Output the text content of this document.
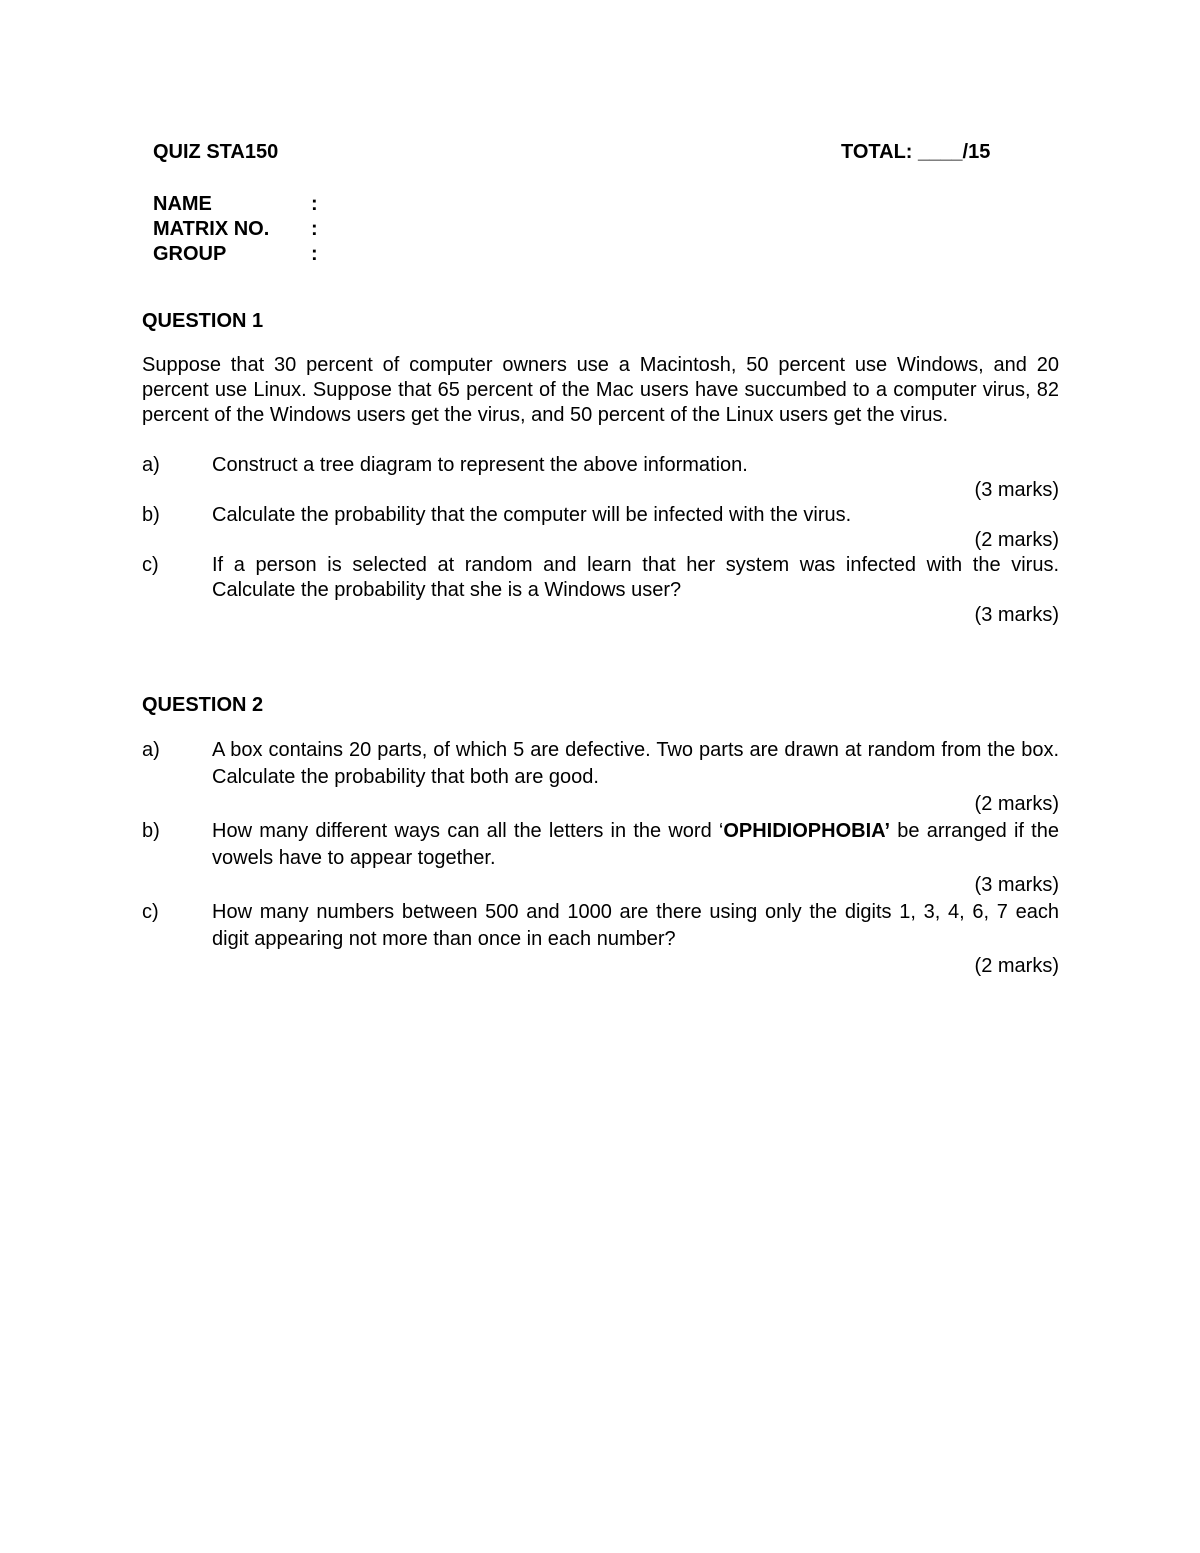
QUIZ STA150	TOTAL: ____/15
NAME	:
MATRIX NO. :
GROUP	:
QUESTION 1
Suppose that 30 percent of computer owners use a Macintosh, 50 percent use Windows, and 20 percent use Linux. Suppose that 65 percent of the Mac users have succumbed to a computer virus, 82 percent of the Windows users get the virus, and 50 percent of the Linux users get the virus.
a)	Construct a tree diagram to represent the above information.
(3 marks)
b)	Calculate the probability that the computer will be infected with the virus.
(2 marks)
c)	If a person is selected at random and learn that her system was infected with the virus. Calculate the probability that she is a Windows user?
(3 marks)
QUESTION 2
a)	A box contains 20 parts, of which 5 are defective. Two parts are drawn at random from the box. Calculate the probability that both are good.
(2 marks)
b)	How many different ways can all the letters in the word ‘OPHIDIOPHOBIA’ be arranged if the vowels have to appear together.
(3 marks)
c)	How many numbers between 500 and 1000 are there using only the digits 1, 3, 4, 6, 7 each digit appearing not more than once in each number?
(2 marks)
